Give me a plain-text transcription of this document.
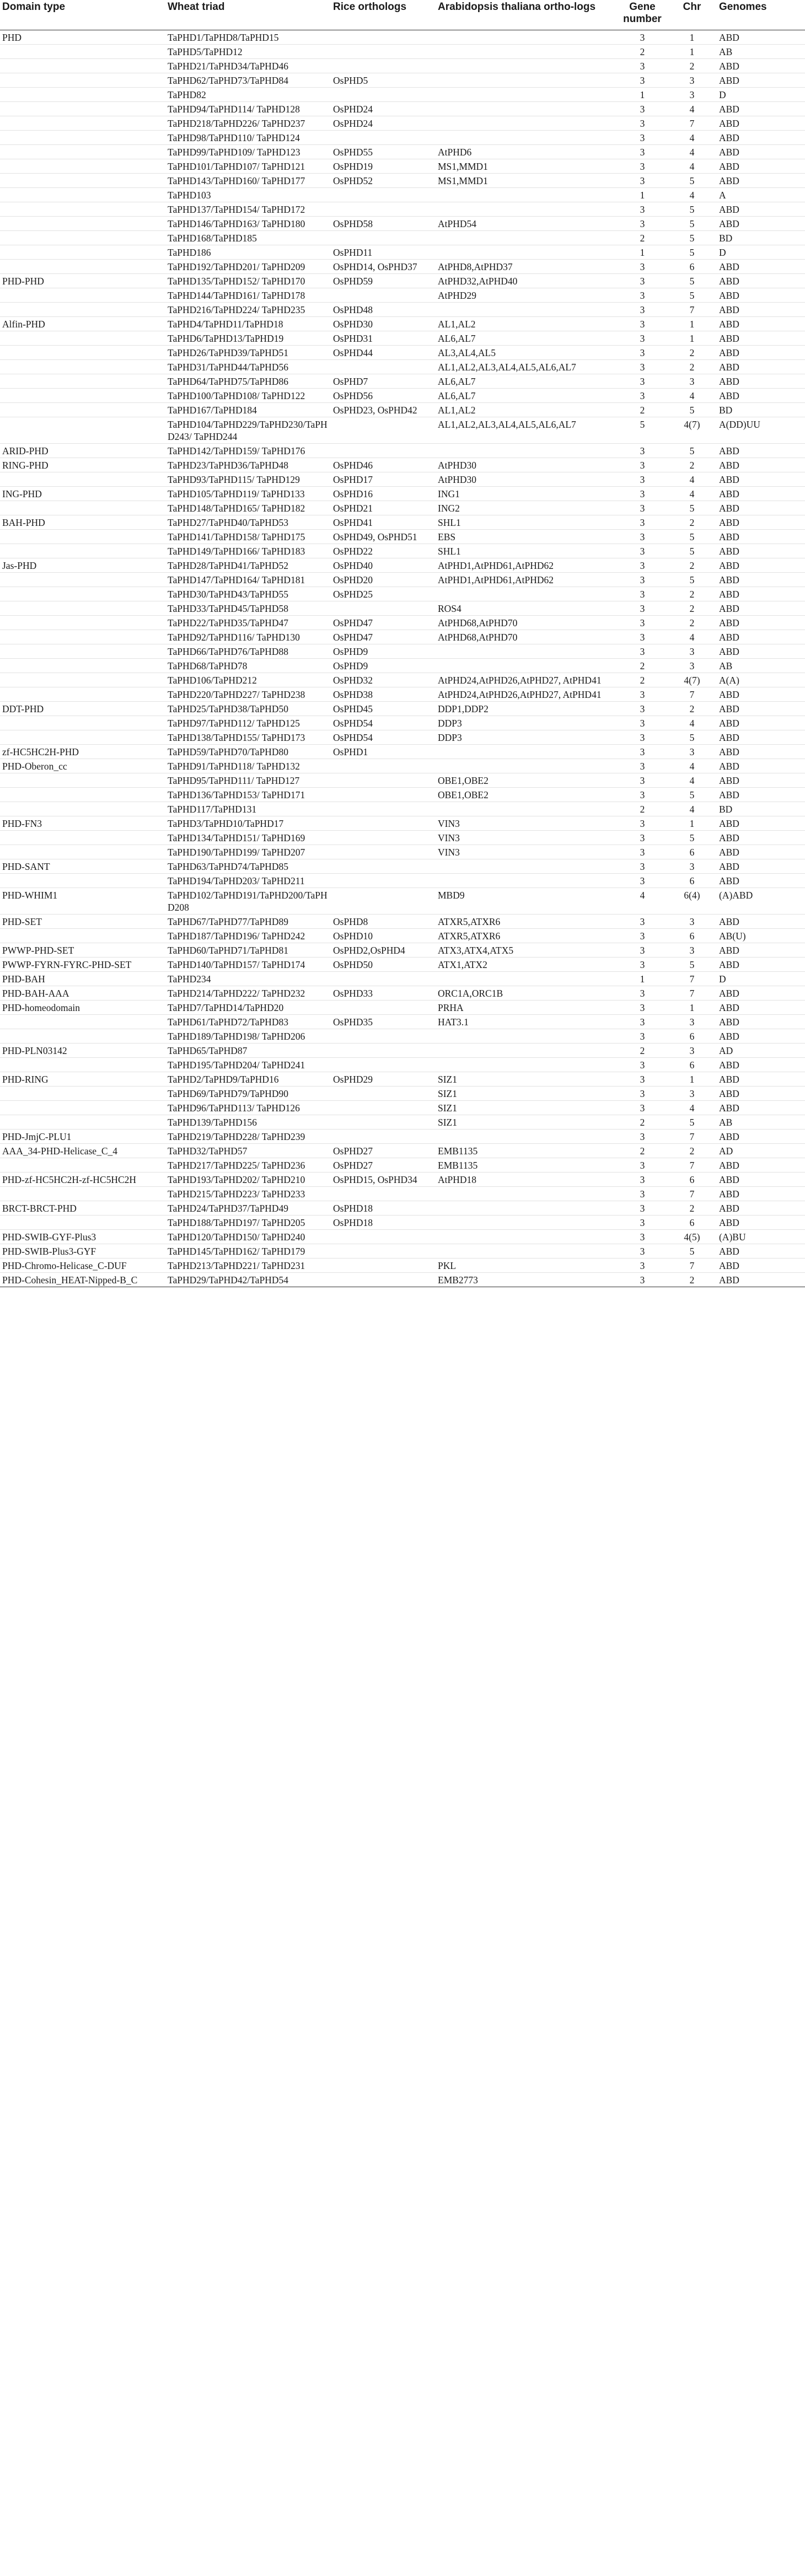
Domain type	Wheat triad	Rice orthologs	Arabidopsis thaliana ortho-logs	Gene number	Chr	Genomes
PHD	TaPHD1/TaPHD8/TaPHD15			3	1	ABD
	TaPHD5/TaPHD12			2	1	AB
	TaPHD21/TaPHD34/TaPHD46			3	2	ABD
	TaPHD62/TaPHD73/TaPHD84	OsPHD5		3	3	ABD
	TaPHD82			1	3	D
	TaPHD94/TaPHD114/ TaPHD128	OsPHD24		3	4	ABD
	TaPHD218/TaPHD226/ TaPHD237	OsPHD24		3	7	ABD
	TaPHD98/TaPHD110/ TaPHD124			3	4	ABD
	TaPHD99/TaPHD109/ TaPHD123	OsPHD55	AtPHD6	3	4	ABD
	TaPHD101/TaPHD107/ TaPHD121	OsPHD19	MS1,MMD1	3	4	ABD
	TaPHD143/TaPHD160/ TaPHD177	OsPHD52	MS1,MMD1	3	5	ABD
	TaPHD103			1	4	A
	TaPHD137/TaPHD154/ TaPHD172			3	5	ABD
	TaPHD146/TaPHD163/ TaPHD180	OsPHD58	AtPHD54	3	5	ABD
	TaPHD168/TaPHD185			2	5	BD
	TaPHD186	OsPHD11		1	5	D
	TaPHD192/TaPHD201/ TaPHD209	OsPHD14, OsPHD37	AtPHD8,AtPHD37	3	6	ABD
PHD-PHD	TaPHD135/TaPHD152/ TaPHD170	OsPHD59	AtPHD32,AtPHD40	3	5	ABD
	TaPHD144/TaPHD161/ TaPHD178		AtPHD29	3	5	ABD
	TaPHD216/TaPHD224/ TaPHD235	OsPHD48		3	7	ABD
Alfin-PHD	TaPHD4/TaPHD11/TaPHD18	OsPHD30	AL1,AL2	3	1	ABD
	TaPHD6/TaPHD13/TaPHD19	OsPHD31	AL6,AL7	3	1	ABD
	TaPHD26/TaPHD39/TaPHD51	OsPHD44	AL3,AL4,AL5	3	2	ABD
	TaPHD31/TaPHD44/TaPHD56		AL1,AL2,AL3,AL4,AL5,AL6,AL7	3	2	ABD
	TaPHD64/TaPHD75/TaPHD86	OsPHD7	AL6,AL7	3	3	ABD
	TaPHD100/TaPHD108/ TaPHD122	OsPHD56	AL6,AL7	3	4	ABD
	TaPHD167/TaPHD184	OsPHD23, OsPHD42	AL1,AL2	2	5	BD
	TaPHD104/TaPHD229/TaPHD230/TaPHD243/ TaPHD244		AL1,AL2,AL3,AL4,AL5,AL6,AL7	5	4(7)	A(DD)UU
ARID-PHD	TaPHD142/TaPHD159/ TaPHD176			3	5	ABD
RING-PHD	TaPHD23/TaPHD36/TaPHD48	OsPHD46	AtPHD30	3	2	ABD
	TaPHD93/TaPHD115/ TaPHD129	OsPHD17	AtPHD30	3	4	ABD
ING-PHD	TaPHD105/TaPHD119/ TaPHD133	OsPHD16	ING1	3	4	ABD
	TaPHD148/TaPHD165/ TaPHD182	OsPHD21	ING2	3	5	ABD
BAH-PHD	TaPHD27/TaPHD40/TaPHD53	OsPHD41	SHL1	3	2	ABD
	TaPHD141/TaPHD158/ TaPHD175	OsPHD49, OsPHD51	EBS	3	5	ABD
	TaPHD149/TaPHD166/ TaPHD183	OsPHD22	SHL1	3	5	ABD
Jas-PHD	TaPHD28/TaPHD41/TaPHD52	OsPHD40	AtPHD1,AtPHD61,AtPHD62	3	2	ABD
	TaPHD147/TaPHD164/ TaPHD181	OsPHD20	AtPHD1,AtPHD61,AtPHD62	3	5	ABD
	TaPHD30/TaPHD43/TaPHD55	OsPHD25		3	2	ABD
	TaPHD33/TaPHD45/TaPHD58		ROS4	3	2	ABD
	TaPHD22/TaPHD35/TaPHD47	OsPHD47	AtPHD68,AtPHD70	3	2	ABD
	TaPHD92/TaPHD116/ TaPHD130	OsPHD47	AtPHD68,AtPHD70	3	4	ABD
	TaPHD66/TaPHD76/TaPHD88	OsPHD9		3	3	ABD
	TaPHD68/TaPHD78	OsPHD9		2	3	AB
	TaPHD106/TaPHD212	OsPHD32	AtPHD24,AtPHD26,AtPHD27, AtPHD41	2	4(7)	A(A)
	TaPHD220/TaPHD227/ TaPHD238	OsPHD38	AtPHD24,AtPHD26,AtPHD27, AtPHD41	3	7	ABD
DDT-PHD	TaPHD25/TaPHD38/TaPHD50	OsPHD45	DDP1,DDP2	3	2	ABD
	TaPHD97/TaPHD112/ TaPHD125	OsPHD54	DDP3	3	4	ABD
	TaPHD138/TaPHD155/ TaPHD173	OsPHD54	DDP3	3	5	ABD
zf-HC5HC2H-PHD	TaPHD59/TaPHD70/TaPHD80	OsPHD1		3	3	ABD
PHD-Oberon_cc	TaPHD91/TaPHD118/ TaPHD132			3	4	ABD
	TaPHD95/TaPHD111/ TaPHD127		OBE1,OBE2	3	4	ABD
	TaPHD136/TaPHD153/ TaPHD171		OBE1,OBE2	3	5	ABD
	TaPHD117/TaPHD131			2	4	BD
PHD-FN3	TaPHD3/TaPHD10/TaPHD17		VIN3	3	1	ABD
	TaPHD134/TaPHD151/ TaPHD169		VIN3	3	5	ABD
	TaPHD190/TaPHD199/ TaPHD207		VIN3	3	6	ABD
PHD-SANT	TaPHD63/TaPHD74/TaPHD85			3	3	ABD
	TaPHD194/TaPHD203/ TaPHD211			3	6	ABD
PHD-WHIM1	TaPHD102/TaPHD191/TaPHD200/TaPHD208		MBD9	4	6(4)	(A)ABD
PHD-SET	TaPHD67/TaPHD77/TaPHD89	OsPHD8	ATXR5,ATXR6	3	3	ABD
	TaPHD187/TaPHD196/ TaPHD242	OsPHD10	ATXR5,ATXR6	3	6	AB(U)
PWWP-PHD-SET	TaPHD60/TaPHD71/TaPHD81	OsPHD2,OsPHD4	ATX3,ATX4,ATX5	3	3	ABD
PWWP-FYRN-FYRC-PHD-SET	TaPHD140/TaPHD157/ TaPHD174	OsPHD50	ATX1,ATX2	3	5	ABD
PHD-BAH	TaPHD234			1	7	D
PHD-BAH-AAA	TaPHD214/TaPHD222/ TaPHD232	OsPHD33	ORC1A,ORC1B	3	7	ABD
PHD-homeodomain	TaPHD7/TaPHD14/TaPHD20		PRHA	3	1	ABD
	TaPHD61/TaPHD72/TaPHD83	OsPHD35	HAT3.1	3	3	ABD
	TaPHD189/TaPHD198/ TaPHD206			3	6	ABD
PHD-PLN03142	TaPHD65/TaPHD87			2	3	AD
	TaPHD195/TaPHD204/ TaPHD241			3	6	ABD
PHD-RING	TaPHD2/TaPHD9/TaPHD16	OsPHD29	SIZ1	3	1	ABD
	TaPHD69/TaPHD79/TaPHD90		SIZ1	3	3	ABD
	TaPHD96/TaPHD113/ TaPHD126		SIZ1	3	4	ABD
	TaPHD139/TaPHD156		SIZ1	2	5	AB
PHD-JmjC-PLU1	TaPHD219/TaPHD228/ TaPHD239			3	7	ABD
AAA_34-PHD-Helicase_C_4	TaPHD32/TaPHD57	OsPHD27	EMB1135	2	2	AD
	TaPHD217/TaPHD225/ TaPHD236	OsPHD27	EMB1135	3	7	ABD
PHD-zf-HC5HC2H-zf-HC5HC2H	TaPHD193/TaPHD202/ TaPHD210	OsPHD15, OsPHD34	AtPHD18	3	6	ABD
	TaPHD215/TaPHD223/ TaPHD233			3	7	ABD
BRCT-BRCT-PHD	TaPHD24/TaPHD37/TaPHD49	OsPHD18		3	2	ABD
	TaPHD188/TaPHD197/ TaPHD205	OsPHD18		3	6	ABD
PHD-SWIB-GYF-Plus3	TaPHD120/TaPHD150/ TaPHD240			3	4(5)	(A)BU
PHD-SWIB-Plus3-GYF	TaPHD145/TaPHD162/ TaPHD179			3	5	ABD
PHD-Chromo-Helicase_C-DUF	TaPHD213/TaPHD221/ TaPHD231		PKL	3	7	ABD
PHD-Cohesin_HEAT-Nipped-B_C	TaPHD29/TaPHD42/TaPHD54		EMB2773	3	2	ABD
